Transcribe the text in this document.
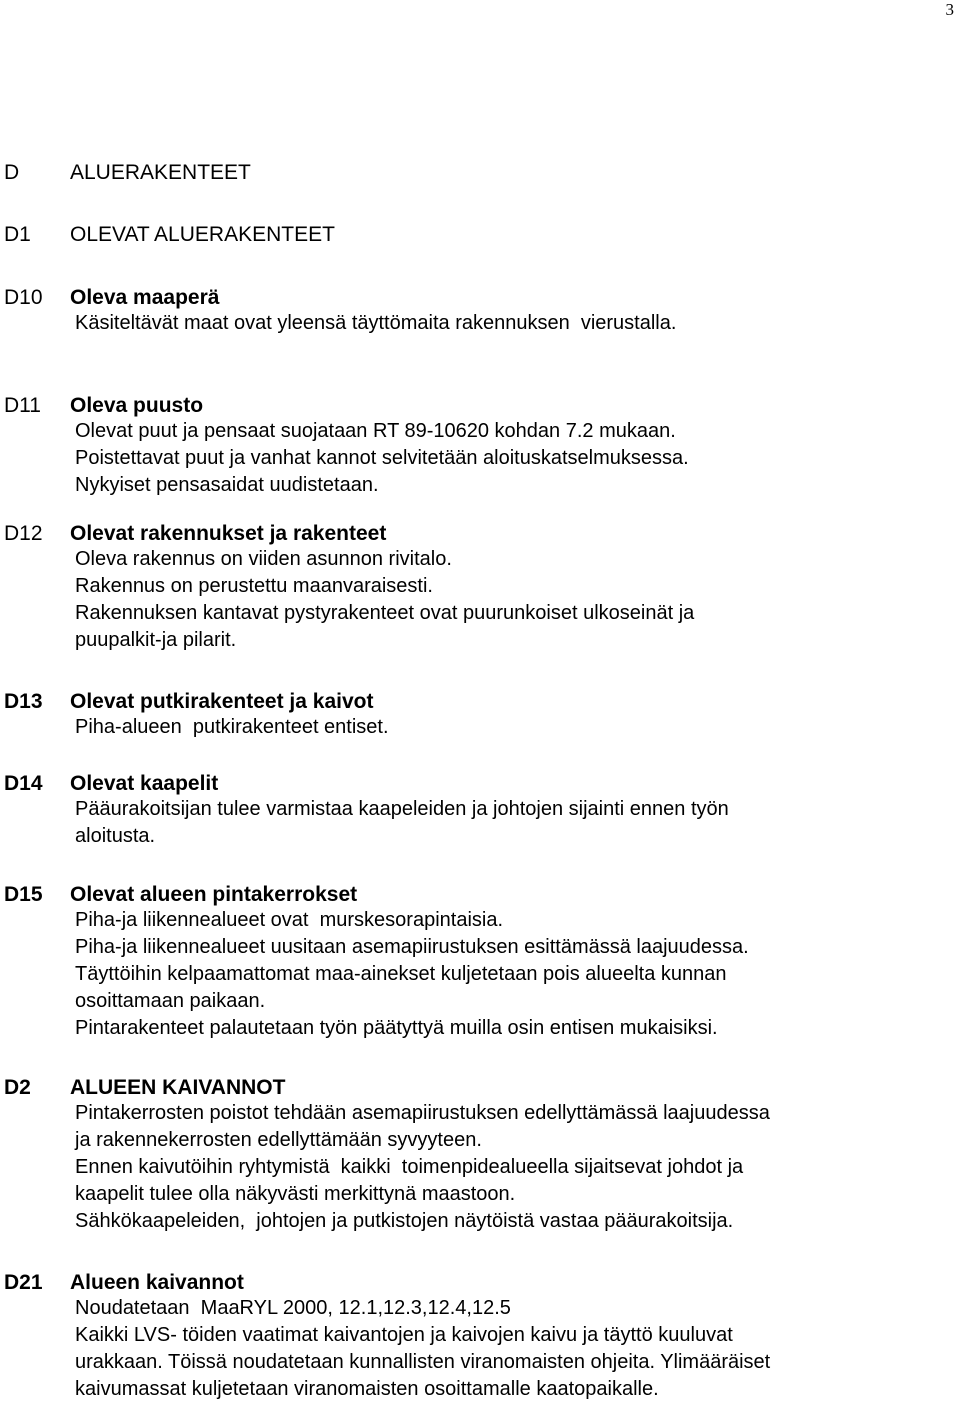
3
D ALUERAKENTEET
D1 OLEVAT ALUERAKENTEET
D10 Oleva maaperä
Käsiteltävät maat ovat yleensä täyttömaita rakennuksen  vierustalla.
D11 Oleva puusto
Olevat puut ja pensaat suojataan RT 89-10620 kohdan 7.2 mukaan.
Poistettavat puut ja vanhat kannot selvitetään aloituskatselmuksessa.
Nykyiset pensasaidat uudistetaan.
D12 Olevat rakennukset ja rakenteet
Oleva rakennus on viiden asunnon rivitalo.
Rakennus on perustettu maanvaraisesti.
Rakennuksen kantavat pystyrakenteet ovat puurunkoiset ulkoseinät ja
puupalkit-ja pilarit.
D13 Olevat putkirakenteet ja kaivot
Piha-alueen  putkirakenteet entiset.
D14 Olevat kaapelit
Pääurakoitsijan tulee varmistaa kaapeleiden ja johtojen sijainti ennen työn
aloitusta.
D15 Olevat alueen pintakerrokset
Piha-ja liikennealueet ovat  murskesorapintaisia.
Piha-ja liikennealueet uusitaan asemapiirustuksen esittämässä laajuudessa.
Täyttöihin kelpaamattomat maa-ainekset kuljetetaan pois alueelta kunnan
osoittamaan paikaan.
Pintarakenteet palautetaan työn päätyttyä muilla osin entisen mukaisiksi.
D2 ALUEEN KAIVANNOT
Pintakerrosten poistot tehdään asemapiirustuksen edellyttämässä laajuudessa
ja rakennekerrosten edellyttämään syvyyteen.
Ennen kaivutöihin ryhtymistä  kaikki  toimenpidealueella sijaitsevat johdot ja
kaapelit tulee olla näkyvästi merkittynä maastoon.
Sähkökaapeleiden,  johtojen ja putkistojen näytöistä vastaa pääurakoitsija.
D21 Alueen kaivannot
Noudatetaan  MaaRYL 2000, 12.1,12.3,12.4,12.5
Kaikki LVS- töiden vaatimat kaivantojen ja kaivojen kaivu ja täyttö kuuluvat
urakkaan. Töissä noudatetaan kunnallisten viranomaisten ohjeita. Ylimääräiset
kaivumassat kuljetetaan viranomaisten osoittamalle kaatopaikalle.
